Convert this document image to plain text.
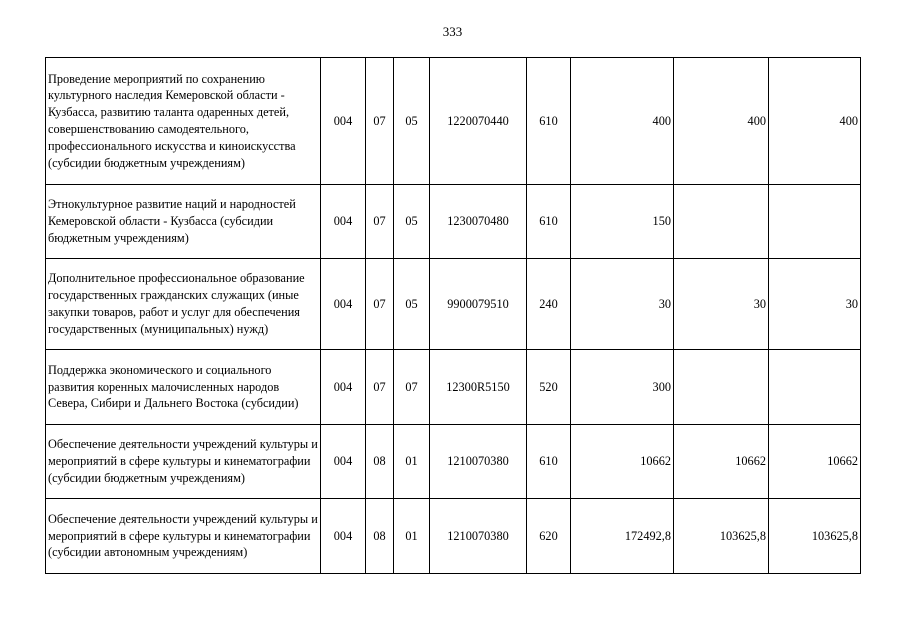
333
Проведение мероприятий по сохранению культурного наследия Кемеровской области - Кузбасса, развитию таланта одаренных детей, совершенствованию самодеятельного, профессионального искусства и киноискусства (субсидии бюджетным учреждениям)	004	07	05	1220070440	610	400	400	400
Этнокультурное развитие наций и народностей Кемеровской области - Кузбасса (субсидии бюджетным учреждениям)	004	07	05	1230070480	610	150		
Дополнительное профессиональное образование государственных гражданских служащих (иные закупки товаров, работ и услуг для обеспечения государственных (муниципальных) нужд)	004	07	05	9900079510	240	30	30	30
Поддержка экономического и социального развития коренных малочисленных народов Севера, Сибири и Дальнего Востока (субсидии)	004	07	07	12300R5150	520	300		
Обеспечение деятельности учреждений культуры и мероприятий в сфере культуры и кинематографии (субсидии бюджетным учреждениям)	004	08	01	1210070380	610	10662	10662	10662
Обеспечение деятельности учреждений культуры и мероприятий в сфере культуры и кинематографии (субсидии автономным учреждениям)	004	08	01	1210070380	620	172492,8	103625,8	103625,8
